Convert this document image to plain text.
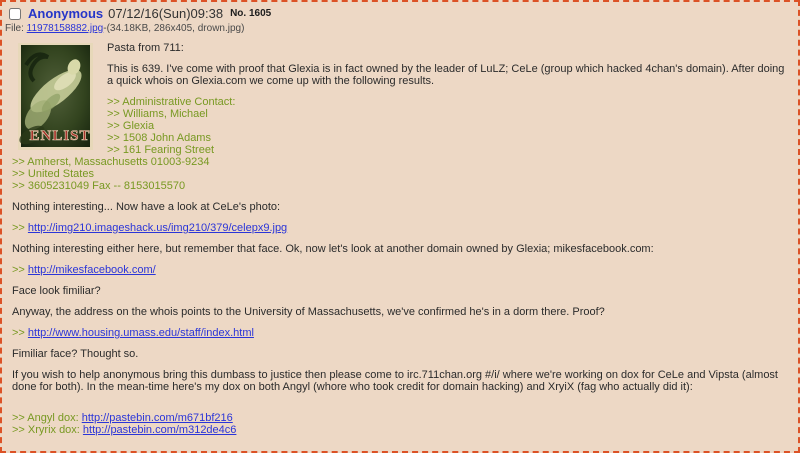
Anonymous 07/12/16(Sun)09:38 No. 1605
File: 11978158882.jpg-(34.18KB, 286x405, drown.jpg)
ENLIST

Pasta from 711:

This is 639. I've come with proof that Glexia is in fact owned by the leader of LuLZ; CeLe (group which hacked 4chan's domain). After doing a quick whois on Glexia.com we come up with the following results.

>> Administrative Contact:
>> Williams, Michael
>> Glexia
>> 1508 John Adams
>> 161 Fearing Street
>> Amherst, Massachusetts 01003-9234
>> United States
>> 3605231049 Fax -- 8153015570

Nothing interesting... Now have a look at CeLe's photo:

>> http://img210.imageshack.us/img210/379/celepx9.jpg

Nothing interesting either here, but remember that face. Ok, now let's look at another domain owned by Glexia; mikesfacebook.com:

>> http://mikesfacebook.com/

Face look fimiliar?

Anyway, the address on the whois points to the University of Massachusetts, we've confirmed he's in a dorm there. Proof?

>> http://www.housing.umass.edu/staff/index.html

Fimiliar face? Thought so.

If you wish to help anonymous bring this dumbass to justice then please come to irc.711chan.org #/i/ where we're working on dox for CeLe and Vipsta (almost done for both). In the mean-time here's my dox on both Angyl (whore who took credit for domain hacking) and XryiX (fag who actually did it):

>> Angyl dox: http://pastebin.com/m671bf216
>> Xryrix dox: http://pastebin.com/m312de4c6
